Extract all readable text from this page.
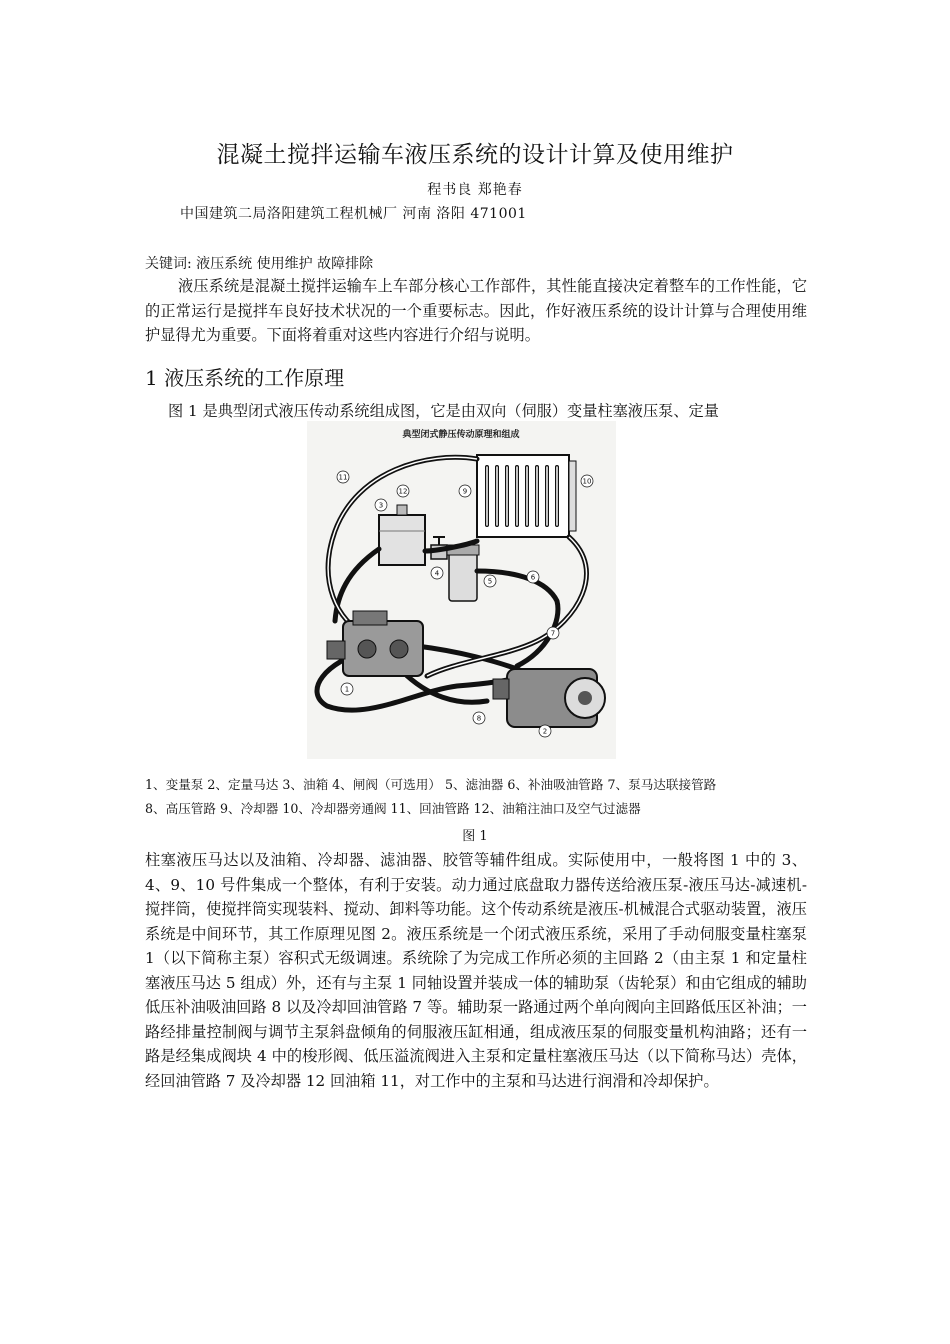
混凝土搅拌运输车液压系统的设计计算及使用维护
程书良 郑艳春
中国建筑二局洛阳建筑工程机械厂 河南 洛阳 471001
关键词: 液压系统 使用维护 故障排除
液压系统是混凝土搅拌运输车上车部分核心工作部件，其性能直接决定着整车的工作性能，它的正常运行是搅拌车良好技术状况的一个重要标志。因此，作好液压系统的设计计算与合理使用维护显得尤为重要。下面将着重对这些内容进行介绍与说明。
1 液压系统的工作原理
图 1 是典型闭式液压传动系统组成图，它是由双向（伺服）变量柱塞液压泵、定量
典型闭式静压传动原理和组成
1
2
3
4
5	6
7
8
9
10
11
12
1、变量泵 2、定量马达 3、油箱 4、闸阀（可选用） 5、滤油器 6、补油吸油管路 7、泵马达联接管路
8、高压管路 9、冷却器 10、冷却器旁通阀 11、回油管路 12、油箱注油口及空气过滤器
图 1
柱塞液压马达以及油箱、冷却器、滤油器、胶管等辅件组成。实际使用中，一般将图 1 中的 3、4、9、10 号件集成一个整体，有利于安装。动力通过底盘取力器传送给液压泵-液压马达-减速机-搅拌筒，使搅拌筒实现装料、搅动、卸料等功能。这个传动系统是液压-机械混合式驱动装置，液压系统是中间环节，其工作原理见图 2。液压系统是一个闭式液压系统，采用了手动伺服变量柱塞泵 1（以下简称主泵）容积式无级调速。系统除了为完成工作所必须的主回路 2（由主泵 1 和定量柱塞液压马达 5 组成）外，还有与主泵 1 同轴设置并装成一体的辅助泵（齿轮泵）和由它组成的辅助低压补油吸油回路 8 以及冷却回油管路 7 等。辅助泵一路通过两个单向阀向主回路低压区补油；一路经排量控制阀与调节主泵斜盘倾角的伺服液压缸相通，组成液压泵的伺服变量机构油路；还有一路是经集成阀块 4 中的梭形阀、低压溢流阀进入主泵和定量柱塞液压马达（以下简称马达）壳体，经回油管路 7 及冷却器 12 回油箱 11，对工作中的主泵和马达进行润滑和冷却保护。
